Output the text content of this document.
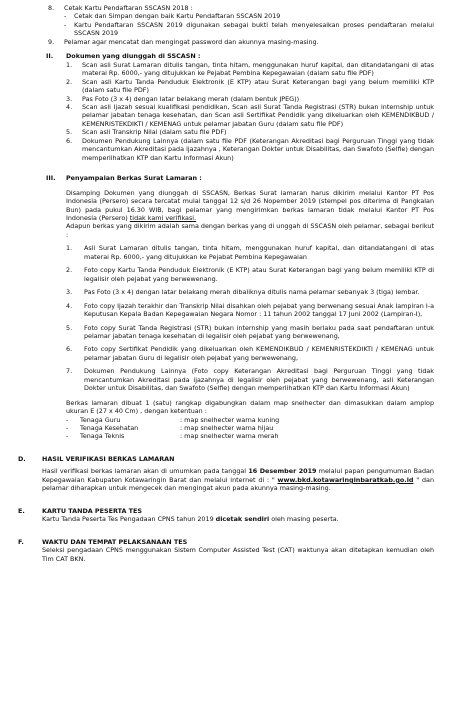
8.	Cetak Kartu Pendaftaran SSCASN 2018 :
-	Cetak dan Simpan dengan baik Kartu Pendaftaran SSCASN 2019
-	Kartu Pendaftaran SSCASN 2019 digunakan sebagai bukti telah menyelesaikan proses pendaftaran melalui SSCASN 2019
9.	Pelamar agar mencatat dan mengingat password dan akunnya masing-masing.
II.	Dokumen yang diunggah di SSCASN :
1.	Scan asli Surat Lamaran ditulis tangan, tinta hitam, menggunakan huruf kapital, dan ditandatangani di atas materai Rp. 6000,- yang ditujukkan ke Pejabat Pembina Kepegawaian (dalam satu file PDF)
2.	Scan asli Kartu Tanda Penduduk Elektronik (E KTP) atau Surat Keterangan bagi yang belum memiliki KTP (dalam satu file PDF)
3.	Pas Foto (3 x 4) dengan latar belakang merah (dalam bentuk JPEG))
4.	Scan asli Ijazah sesuai kualifikasi pendidikan, Scan asli Surat Tanda Registrasi (STR) bukan internship untuk pelamar jabatan tenaga kesehatan, dan Scan asli Sertifikat Pendidik yang dikeluarkan oleh KEMENDIKBUD / KEMENRISTEKDIKTI / KEMENAG untuk pelamar jabatan Guru (dalam satu file PDF)
5.	Scan asli Transkrip Nilai (dalam satu file PDF)
6.	Dokumen Pendukung Lainnya (dalam satu file PDF (Keterangan Akreditasi bagi Perguruan Tinggi yang tidak mencantumkan Akreditasi pada ijazahnya , Keterangan Dokter untuk Disabilitas, dan Swafoto (Selfie) dengan memperlihatkan KTP dan Kartu Informasi Akun)
III.	Penyampaian Berkas Surat Lamaran :

Disamping Dokumen yang diunggah di SSCASN, Berkas Surat lamaran harus dikirim melalui Kantor PT Pos Indonesia (Persero) secara tercatat mulai tanggal 12 s/d 26 Nopember 2019 (stempel pos diterima di Pangkalan Bun) pada pukul 16.30 WIB, bagi pelamar yang mengirimkan berkas lamaran tidak melalui Kantor PT Pos Indonesia (Persero) tidak kami verifikasi.

Adapun berkas yang dikirim adalah sama dengan berkas yang di unggah di SSCASN oleh pelamar, sebagai berikut :

1.	Asli Surat Lamaran ditulis tangan, tinta hitam, menggunakan huruf kapital, dan ditandatangani di atas materai Rp. 6000,- yang ditujukkan ke Pejabat Pembina Kepegawaian
2.	Foto copy Kartu Tanda Penduduk Elektronik (E KTP) atau Surat Keterangan bagi yang belum memiliki KTP di legalisir oleh pejabat yang berwewenang.
3.	Pas Foto (3 x 4) dengan latar belakang merah dibaliknya ditulis nama pelamar sebanyak 3 (tiga) lembar.
4.	Foto copy Ijazah terakhir dan Transkrip Nilai disahkan oleh pejabat yang berwenang sesuai Anak lampiran I-a Keputusan Kepala Badan Kepegawaian Negara Nomor : 11 tahun 2002 tanggal 17 Juni 2002 (Lampiran-I),
5.	Foto copy Surat Tanda Registrasi (STR) bukan internship yang masih berlaku pada saat pendaftaran untuk pelamar jabatan tenaga kesehatan di legalisir oleh pejabat yang berwewenang,
6.	Foto copy Sertifikat Pendidik yang dikeluarkan oleh KEMENDIKBUD / KEMENRISTEKDIKTI / KEMENAG untuk pelamar jabatan Guru di legalisir oleh pejabat yang berwewenang,
7.	Dokumen Pendukung Lainnya (Foto copy Keterangan Akreditasi bagi Perguruan Tinggi yang tidak mencantumkan Akreditasi pada ijazahnya di legalisir oleh pejabat yang berwewenang, asli Keterangan Dokter untuk Disabilitas, dan Swafoto (Selfie) dengan memperlihatkan KTP dan Kartu Informasi Akun)

Berkas lamaran dibuat 1 (satu) rangkap digabungkan dalam map snelhecter dan dimasukkan dalam amplop ukuran E (27 x 40 Cm) , dengan ketentuan :

-	Tenaga Guru	: map snelhecter warna kuning
-	Tenaga Kesehatan	: map snelhecter warna hijau
-	Tenaga Teknis	: map snelhecter warna merah
D.	HASIL VERIFIKASI BERKAS LAMARAN

Hasil verifikasi berkas lamaran akan di umumkan pada tanggal 16 Desember 2019 melalui papan pengumuman Badan Kepegawaian Kabupaten Kotawaringin Barat dan melalui internet di : " www.bkd.kotawaringinbaratkab.go.id " dan pelamar diharapkan untuk mengecek dan mengingat akun pada akunnya masing-masing.

E.	KARTU TANDA PESERTA TES

Kartu Tanda Peserta Tes Pengadaan CPNS tahun 2019 dicetak sendiri oleh masing peserta.

F.	WAKTU DAN TEMPAT PELAKSANAAN TES

Seleksi pengadaan CPNS menggunakan Sistem Computer Assisted Test (CAT) waktunya akan ditetapkan kemudian oleh Tim CAT BKN.
